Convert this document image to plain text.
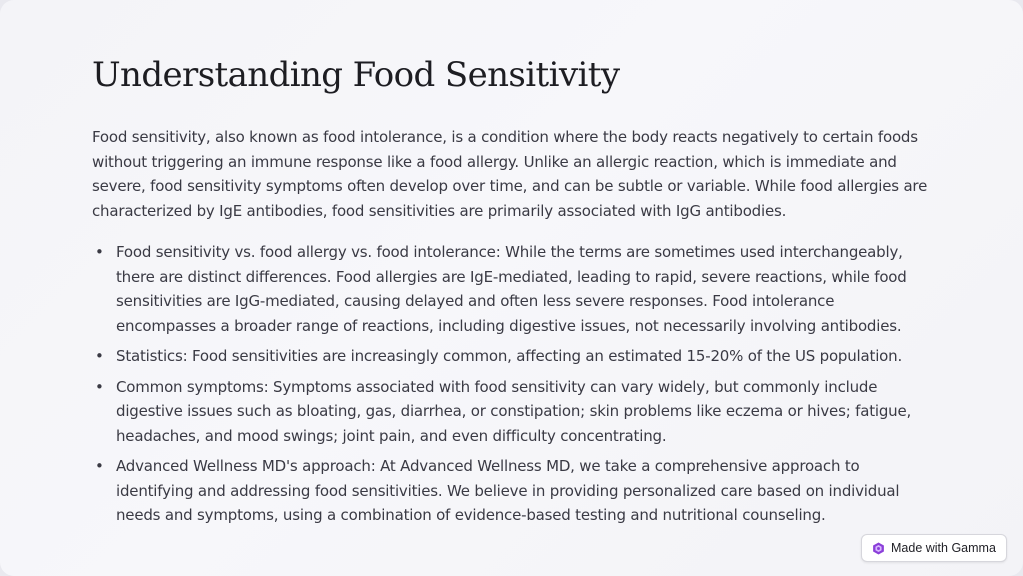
Understanding Food Sensitivity

Food sensitivity, also known as food intolerance, is a condition where the body reacts negatively to certain foods without triggering an immune response like a food allergy. Unlike an allergic reaction, which is immediate and severe, food sensitivity symptoms often develop over time, and can be subtle or variable. While food allergies are characterized by IgE antibodies, food sensitivities are primarily associated with IgG antibodies.

• Food sensitivity vs. food allergy vs. food intolerance: While the terms are sometimes used interchangeably, there are distinct differences. Food allergies are IgE-mediated, leading to rapid, severe reactions, while food sensitivities are IgG-mediated, causing delayed and often less severe responses. Food intolerance encompasses a broader range of reactions, including digestive issues, not necessarily involving antibodies.
• Statistics: Food sensitivities are increasingly common, affecting an estimated 15-20% of the US population.
• Common symptoms: Symptoms associated with food sensitivity can vary widely, but commonly include digestive issues such as bloating, gas, diarrhea, or constipation; skin problems like eczema or hives; fatigue, headaches, and mood swings; joint pain, and even difficulty concentrating.
• Advanced Wellness MD's approach: At Advanced Wellness MD, we take a comprehensive approach to identifying and addressing food sensitivities. We believe in providing personalized care based on individual needs and symptoms, using a combination of evidence-based testing and nutritional counseling.
Made with Gamma
